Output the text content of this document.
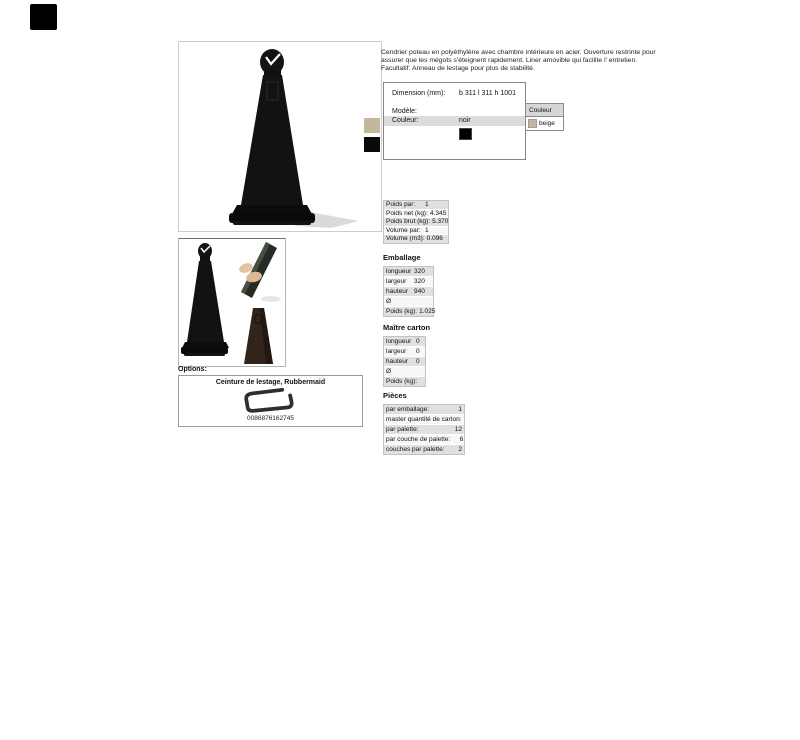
Cendrier poteau en polyéthylène avec chambre intérieure en acier. Ouverture restrinte pour
assurer que les mégots s'éteignent rapidement. Liner amovible qui facilite l' entretien.
Facultatif: Anneau de lestage pour plus de stabilité.
Dimension (mm): b 311 l 311 h 1001
Modèle:
Couleur:	noir
Couleur
beige
Poids par:	1
Poids net (kg): 4.345
Poids brut (kg): 5.370
Volume par: 1
Volume (m3): 0.096
Emballage
longueur 320
largeur	320
hauteur 940
Ø
Poids (kg): 1.025
Maître carton
longueur 0
largeur	0
hauteur	0
Ø
Poids (kg):
Pièces
par emballage:	1
master quantité de carton:
par palette:	12
par couche de palette:	6
couches par palette:	2
Options:
Ceinture de lestage, Rubbermaid
0086876162745
